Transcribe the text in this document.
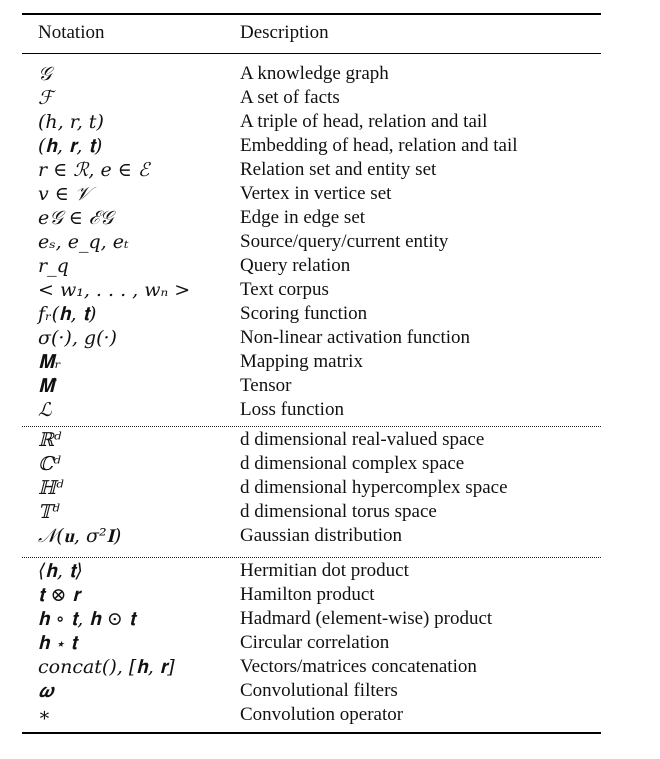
Notation	Description
𝒢	A knowledge graph
ℱ	A set of facts
(h, r, t)	A triple of head, relation and tail
(𝐡, 𝐫, 𝐭)	Embedding of head, relation and tail
r ∈ ℛ, e ∈ ℰ	Relation set and entity set
v ∈ 𝒱	Vertex in vertice set
e𝒢 ∈ ℰ𝒢	Edge in edge set
eₛ, e_q, eₜ	Source/query/current entity
r_q	Query relation
< w₁, . . . , wₙ >	Text corpus
fᵣ(𝐡, 𝐭)	Scoring function
σ(·), g(·)	Non-linear activation function
𝐌ᵣ	Mapping matrix
𝐌̂	Tensor
ℒ	Loss function
ℝᵈ	d dimensional real-valued space
ℂᵈ	d dimensional complex space
ℍᵈ	d dimensional hypercomplex space
𝕋ᵈ	d dimensional torus space
𝒩(𝐮, σ²𝐈)	Gaussian distribution
⟨𝐡, 𝐭⟩	Hermitian dot product
𝐭 ⊗ 𝐫	Hamilton product
𝐡 ∘ 𝐭, 𝐡 ⊙ 𝐭	Hadmard (element-wise) product
𝐡 ⋆ 𝐭	Circular correlation
concat(), [𝐡, 𝐫]	Vectors/matrices concatenation
𝝎	Convolutional filters
∗	Convolution operator
